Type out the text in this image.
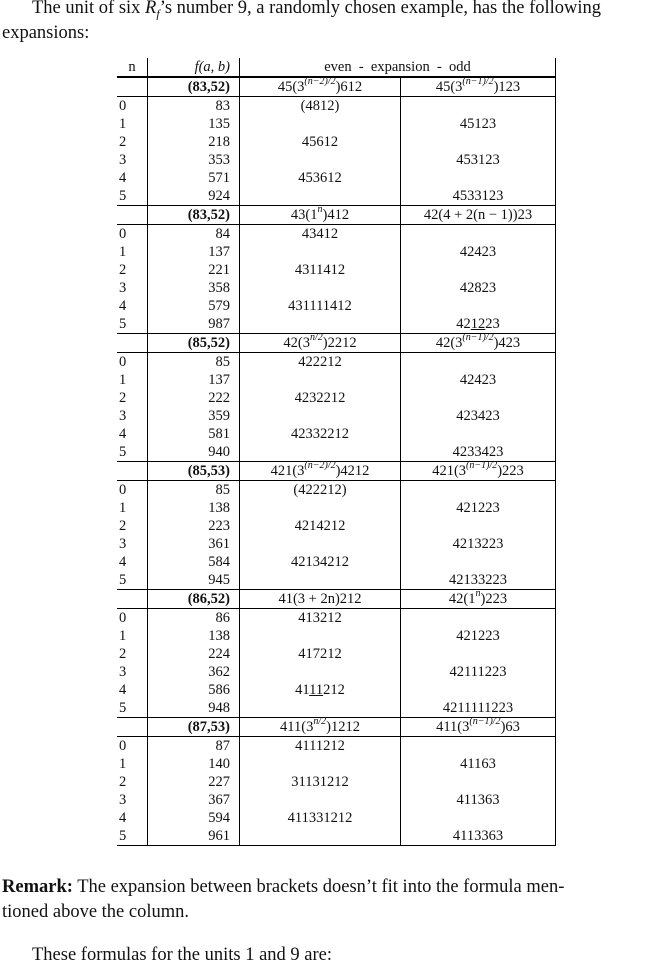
The unit of six $R_f’s$ number 9, a randomly chosen example, has the following
expansions:
n	f(a, b)	even  -  expansion  -  odd	
	(83,52)	$45(3^{(n-2)/2})612$	$45(3^{(n-1)/2})123$
0	83	(4812)	
1	135		45123
2	218	45612	
3	353		453123
4	571	453612	
5	924		4533123
	(83,52)	43(1$^n$)412	42(4 + 2(n − 1))23
0	84	43412	
1	137		42423
2	221	4311412	
3	358		42823
4	579	431111412	
5	987		421223
	(85,52)	$42(3^{n/2})2212$	$42(3^{(n-1)/2})423$
0	85	422212	
1	137		42423
2	222	4232212	
3	359		423423
4	581	42332212	
5	940		4233423
	(85,53)	$421(3^{(n-2)/2})4212$	$421(3^{(n-1)/2})223$
0	85	(422212)	
1	138		421223
2	223	4214212	
3	361		4213223
4	584	42134212	
5	945		42133223
	(86,52)	41(3 + 2n)212	42(1$^n$)223
0	86	413212	
1	138		421223
2	224	417212	
3	362		42111223
4	586	4111212	
5	948		4211111223
	(87,53)	$411(3^{n/2})1212$	$411(3^{(n-1)/2})63$
0	87	4111212	
1	140		41163
2	227	31131212	
3	367		411363
4	594	411331212	
5	961		4113363
Remark: The expansion between brackets doesn’t fit into the formula men-
tioned above the column.
These formulas for the units 1 and 9 are:
